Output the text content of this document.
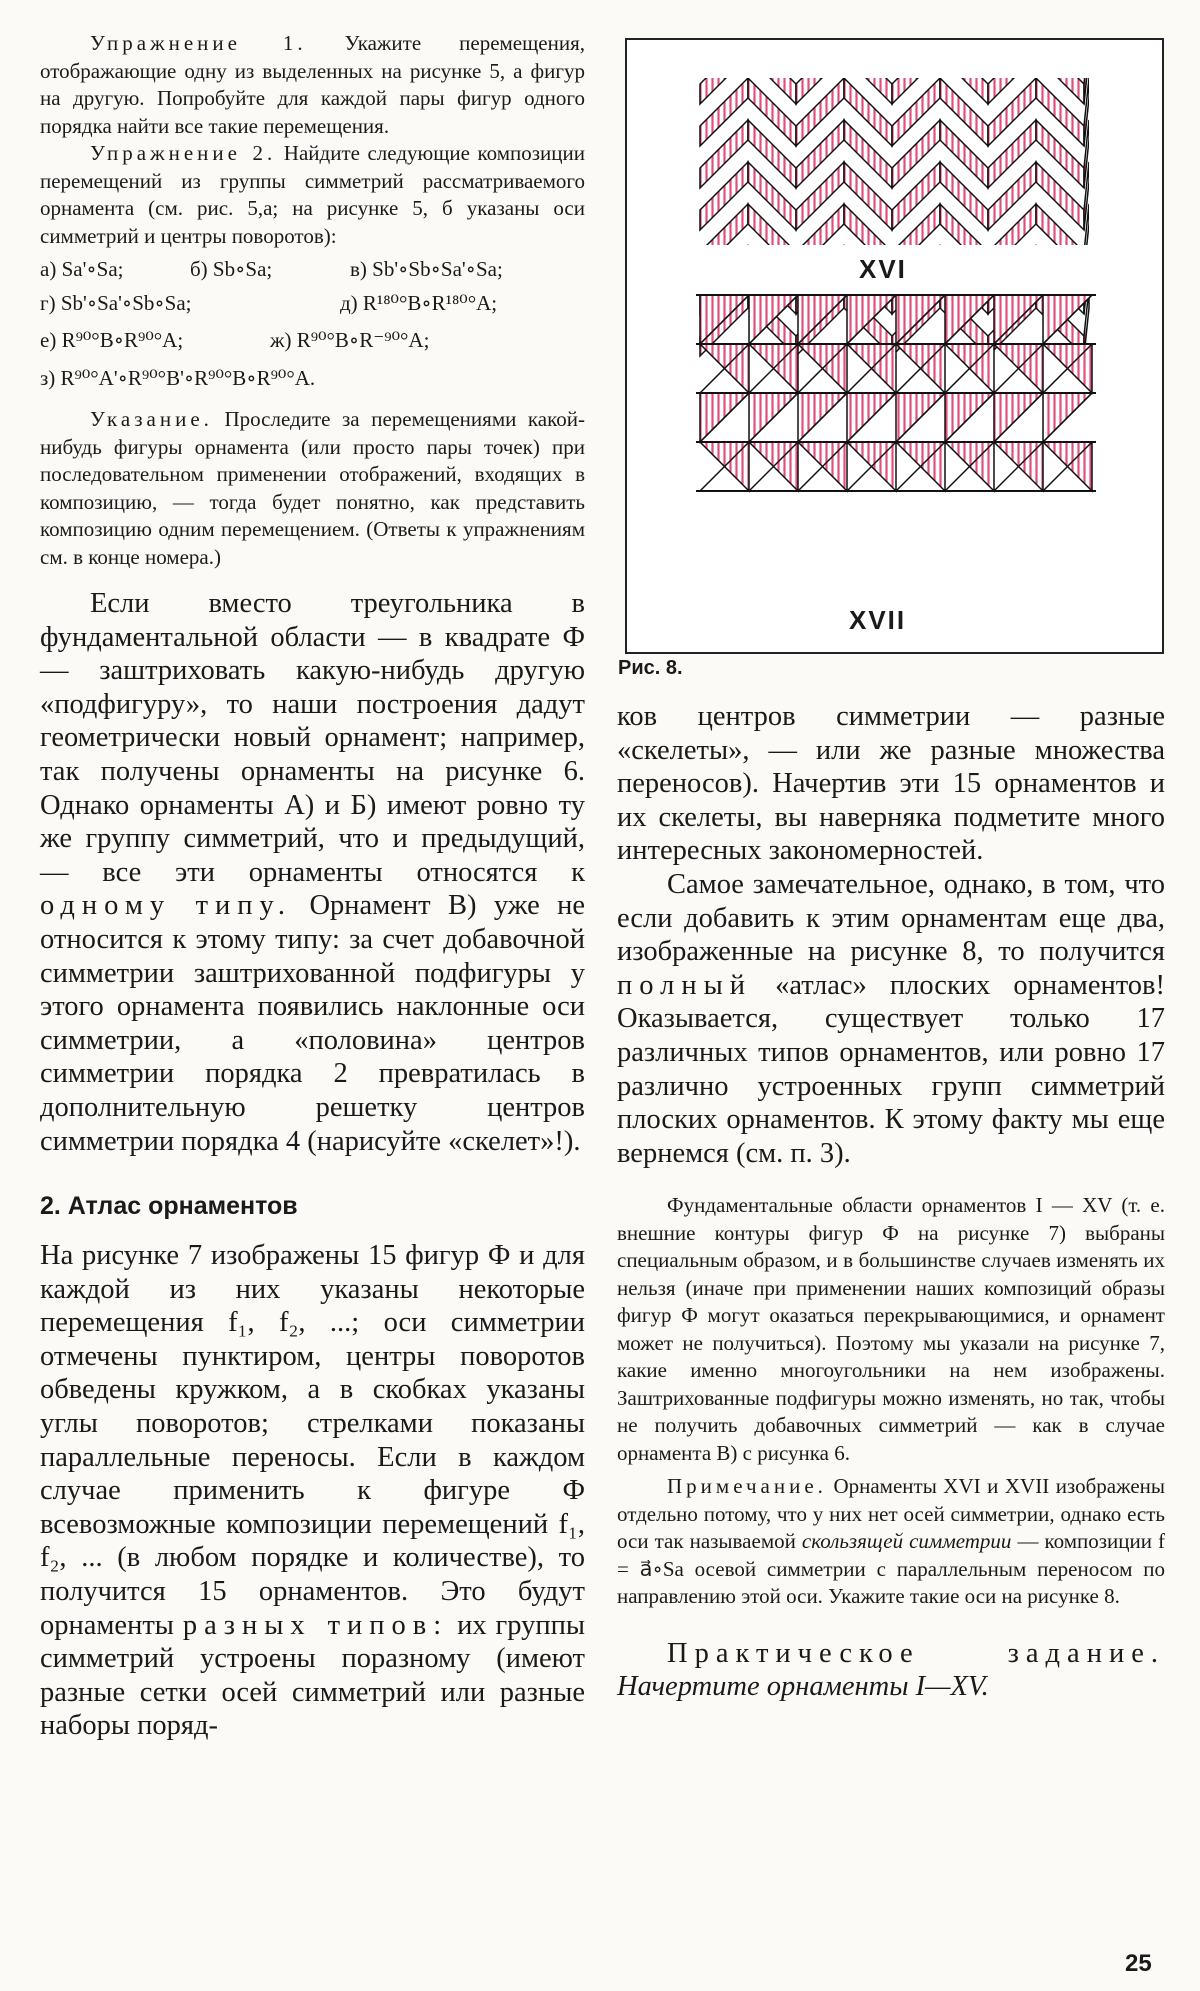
Упражнение 1. Укажите перемещения, отображающие одну из выделенных на рисунке 5, а фигур на другую. Попробуйте для каждой пары фигур одного порядка найти все такие перемещения.

Упражнение 2. Найдите следующие композиции перемещений из группы симметрий рассматриваемого орнамента (см. рис. 5,а; на рисунке 5, б указаны оси симметрий и центры поворотов):

а) Sa'∘Sa;	б) Sb∘Sa;	в) Sb'∘Sb∘Sa'∘Sa;
г) Sb'∘Sa'∘Sb∘Sa;	д) R¹⁸⁰°B∘R¹⁸⁰°A;
е) R⁹⁰°B∘R⁹⁰°A;	ж) R⁹⁰°B∘R⁻⁹⁰°A;
з) R⁹⁰°A'∘R⁹⁰°B'∘R⁹⁰°B∘R⁹⁰°A.

Указание. Проследите за перемещениями какой-нибудь фигуры орнамента (или просто пары точек) при последовательном применении отображений, входящих в композицию, — тогда будет понятно, как представить композицию одним перемещением. (Ответы к упражнениям см. в конце номера.)

Если вместо треугольника в фундаментальной области — в квадрате Ф — заштриховать какую-нибудь другую «подфигуру», то наши построения дадут геометрически новый орнамент; например, так получены орнаменты на рисунке 6. Однако орнаменты А) и Б) имеют ровно ту же группу симметрий, что и предыдущий, — все эти орнаменты относятся к одному типу. Орнамент В) уже не относится к этому типу: за счет добавочной симметрии заштрихованной подфигуры у этого орнамента появились наклонные оси симметрии, а «половина» центров симметрии порядка 2 превратилась в дополнительную решетку центров симметрии порядка 4 (нарисуйте «скелет»!).

2. Атлас орнаментов

На рисунке 7 изображены 15 фигур Ф и для каждой из них указаны некоторые перемещения f₁, f₂, ...; оси симметрии отмечены пунктиром, центры поворотов обведены кружком, а в скобках указаны углы поворотов; стрелками показаны параллельные переносы. Если в каждом случае применить к фигуре Ф всевозможные композиции перемещений f₁, f₂, ... (в любом порядке и количестве), то получится 15 орнаментов. Это будут орнаменты разных типов: их группы симметрий устроены поразному (имеют разные сетки осей симметрий или разные наборы поряд-

XVI
XVII
Рис. 8.

ков центров симметрии — разные «скелеты», — или же разные множества переносов). Начертив эти 15 орнаментов и их скелеты, вы наверняка подметите много интересных закономерностей.

Самое замечательное, однако, в том, что если добавить к этим орнаментам еще два, изображенные на рисунке 8, то получится полный «атлас» плоских орнаментов! Оказывается, существует только 17 различных типов орнаментов, или ровно 17 различно устроенных групп симметрий плоских орнаментов. К этому факту мы еще вернемся (см. п. 3).

Фундаментальные области орнаментов I — XV (т. е. внешние контуры фигур Ф на рисунке 7) выбраны специальным образом, и в большинстве случаев изменять их нельзя (иначе при применении наших композиций образы фигур Ф могут оказаться перекрывающимися, и орнамент может не получиться). Поэтому мы указали на рисунке 7, какие именно многоугольники на нем изображены. Заштрихованные подфигуры можно изменять, но так, чтобы не получить добавочных симметрий — как в случае орнамента В) с рисунка 6.

Примечание. Орнаменты XVI и XVII изображены отдельно потому, что у них нет осей симметрии, однако есть оси так называемой скользящей симметрии — композиции f = a⃗∘Sa осевой симметрии с параллельным переносом по направлению этой оси. Укажите такие оси на рисунке 8.

Практическое задание. Начертите орнаменты I—XV.

25
